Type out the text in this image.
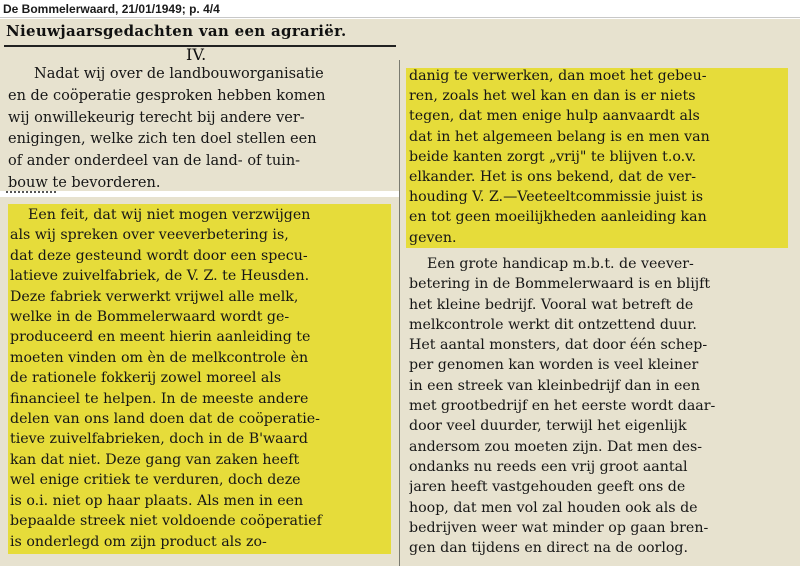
De Bommelerwaard, 21/01/1949; p. 4/4
Nieuwjaarsgedachten van een agrariër.
IV.
Nadat wij over de landbouworganisatie
en de coöperatie gesproken hebben komen
wij onwillekeurig terecht bij andere ver-
enigingen, welke zich ten doel stellen een
of ander onderdeel van de land- of tuin-
bouw te bevorderen.
Een feit, dat wij niet mogen verzwijgen
als wij spreken over veeverbetering is,
dat deze gesteund wordt door een specu-
latieve zuivelfabriek, de V. Z. te Heusden.
Deze fabriek verwerkt vrijwel alle melk,
welke in de Bommelerwaard wordt ge-
produceerd en meent hierin aanleiding te
moeten vinden om èn de melkcontrole èn
de rationele fokkerij zowel moreel als
financieel te helpen. In de meeste andere
delen van ons land doen dat de coöperatie-
tieve zuivelfabrieken, doch in de B'waard
kan dat niet. Deze gang van zaken heeft
wel enige critiek te verduren, doch deze
is o.i. niet op haar plaats. Als men in een
bepaalde streek niet voldoende coöperatief
is onderlegd om zijn product als zo-
danig te verwerken, dan moet het gebeu-
ren, zoals het wel kan en dan is er niets
tegen, dat men enige hulp aanvaardt als
dat in het algemeen belang is en men van
beide kanten zorgt „vrij" te blijven t.o.v.
elkander. Het is ons bekend, dat de ver-
houding V. Z.—Veeteeltcommissie juist is
en tot geen moeilijkheden aanleiding kan
geven.
Een grote handicap m.b.t. de veever-
betering in de Bommelerwaard is en blijft
het kleine bedrijf. Vooral wat betreft de
melkcontrole werkt dit ontzettend duur.
Het aantal monsters, dat door één schep-
per genomen kan worden is veel kleiner
in een streek van kleinbedrijf dan in een
met grootbedrijf en het eerste wordt daar-
door veel duurder, terwijl het eigenlijk
andersom zou moeten zijn. Dat men des-
ondanks nu reeds een vrij groot aantal
jaren heeft vastgehouden geeft ons de
hoop, dat men vol zal houden ook als de
bedrijven weer wat minder op gaan bren-
gen dan tijdens en direct na de oorlog.
